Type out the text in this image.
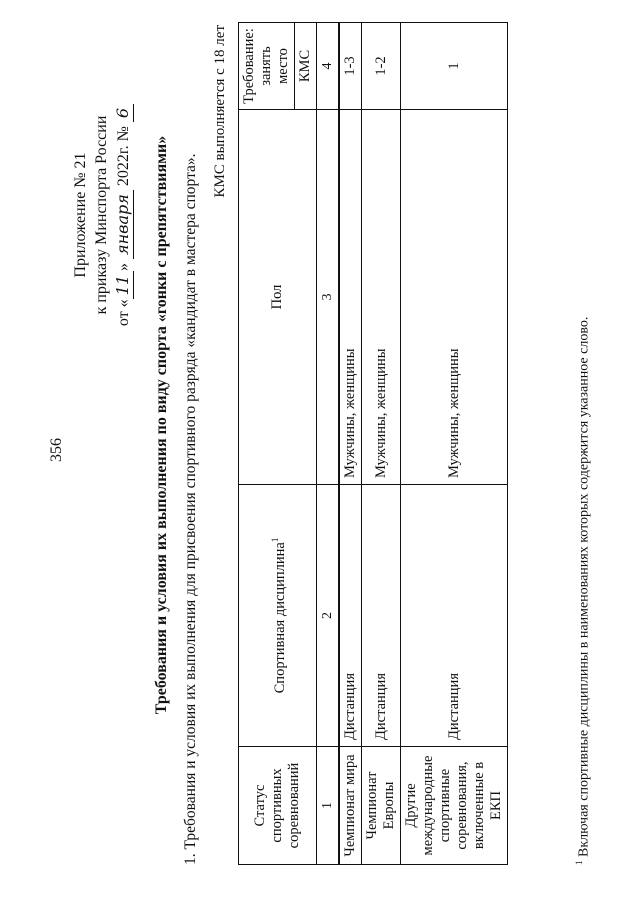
356
Приложение № 21 к приказу Минспорта России от «11» января 2022г. № 6
Требования и условия их выполнения по виду спорта «гонки с препятствиями» 1. Требования и условия их выполнения для присвоения спортивного разряда «кандидат в мастера спорта».
КМС выполняется с 18 лет
Статус спортивных соревнований	Спортивная дисциплина$^1$	Пол	Требование: занять место
			КМС
1	2	3	4
Чемпионат мира	Дистанция	Мужчины, женщины	1-3
Чемпионат Европы	Дистанция	Мужчины, женщины	1-2
Другие международные спортивные соревнования, включенные в ЕКП	Дистанция	Мужчины, женщины	1
$^1$ Включая спортивные дисциплины в наименованиях которых содержится указанное слово.
